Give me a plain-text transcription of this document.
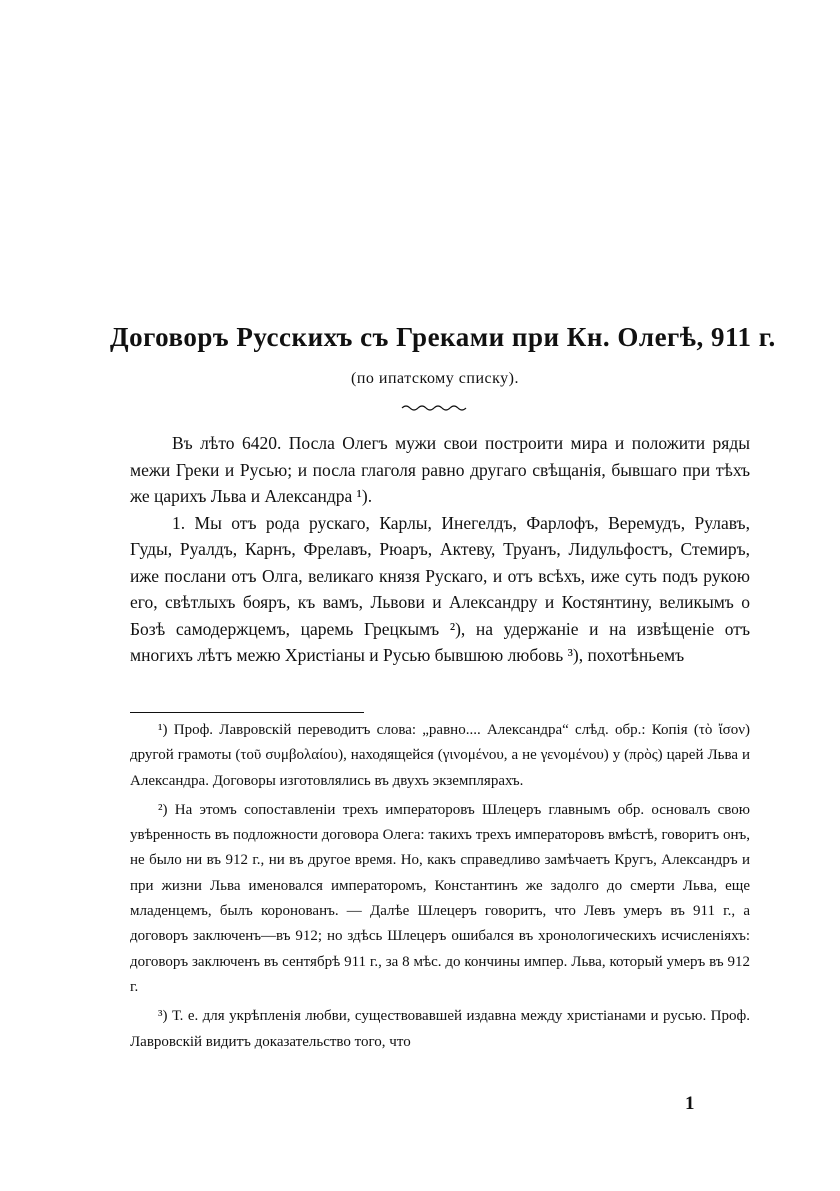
Договоръ Русскихъ съ Греками при Кн. Олегѣ, 911 г.
(по ипатскому списку).

Въ лѣто 6420. Посла Олегъ мужи свои построити мира и положити ряды межи Греки и Русью; и посла глаголя равно другаго свѣщанія, бывшаго при тѣхъ же царихъ Льва и Александра ¹).

1. Мы отъ рода рускаго, Карлы, Инегелдъ, Фарлофъ, Веремудъ, Рулавъ, Гуды, Руалдъ, Карнъ, Фрелавъ, Рюаръ, Актеву, Труанъ, Лидульфостъ, Стемиръ, иже послани отъ Олга, великаго князя Рускаго, и отъ всѣхъ, иже суть подъ рукою его, свѣтлыхъ бояръ, къ вамъ, Львови и Александру и Костянтину, великымъ о Бозѣ самодержцемъ, царемь Грецкымъ ²), на удержаніе и на извѣщеніе отъ многихъ лѣтъ межю Христіаны и Русью бывшюю любовь ³), похотѣньемъ

¹) Проф. Лавровскій переводитъ слова: „равно.... Александра“ слѣд. обр.: Копія (τὸ ἴσον) другой грамоты (τοῦ συμβολαίου), находящейся (γινομένου, а не γενομένου) у (πρὸς) царей Льва и Александра. Договоры изготовлялись въ двухъ экземплярахъ.

²) На этомъ сопоставленіи трехъ императоровъ Шлецеръ главнымъ обр. основалъ свою увѣренность въ подложности договора Олега: такихъ трехъ императоровъ вмѣстѣ, говоритъ онъ, не было ни въ 912 г., ни въ другое время. Но, какъ справедливо замѣчаетъ Кругъ, Александръ и при жизни Льва именовался императоромъ, Константинъ же задолго до смерти Льва, еще младенцемъ, былъ коронованъ. — Далѣе Шлецеръ говоритъ, что Левъ умеръ въ 911 г., а договоръ заключенъ—въ 912; но здѣсь Шлецеръ ошибался въ хронологическихъ исчисленіяхъ: договоръ заключенъ въ сентябрѣ 911 г., за 8 мѣс. до кончины импер. Льва, который умеръ въ 912 г.

³) Т. е. для укрѣпленія любви, существовавшей издавна между христіанами и русью. Проф. Лавровскій видитъ доказательство того, что

1
